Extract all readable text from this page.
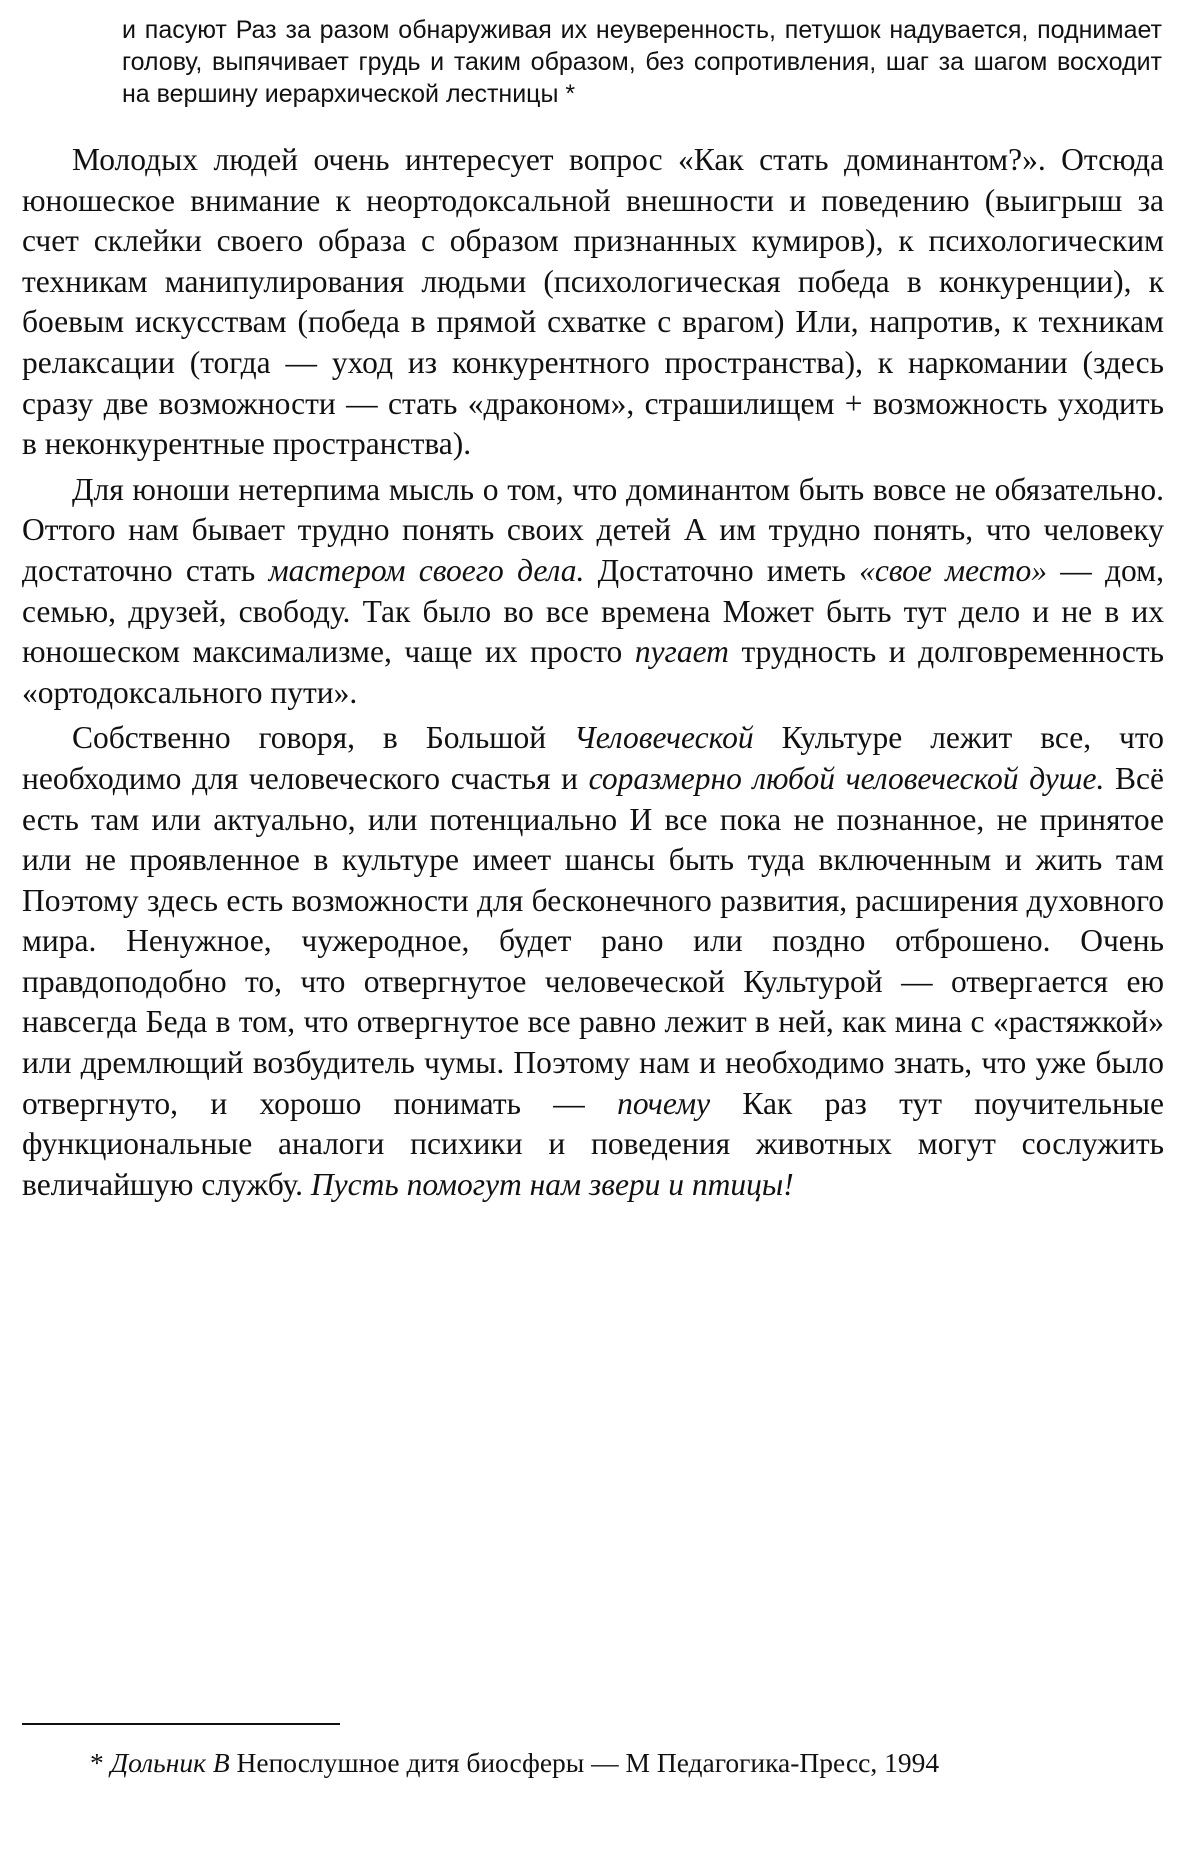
и пасуют Раз за разом обнаруживая их неуверенность, петушок надувается, поднимает голову, выпячивает грудь и таким образом, без сопротивления, шаг за шагом восходит на вершину иерархической лестницы *

Молодых людей очень интересует вопрос «Как стать доминантом?». Отсюда юношеское внимание к неортодоксальной внешности и поведению (выигрыш за счет склейки своего образа с образом признанных кумиров), к психологическим техникам манипулирования людьми (психологическая победа в конкуренции), к боевым искусствам (победа в прямой схватке с врагом) Или, напротив, к техникам релаксации (тогда — уход из конкурентного пространства), к наркомании (здесь сразу две возможности — стать «драконом», страшилищем + возможность уходить в неконкурентные пространства).

Для юноши нетерпима мысль о том, что доминантом быть вовсе не обязательно. Оттого нам бывает трудно понять своих детей А им трудно понять, что человеку достаточно стать мастером своего дела. Достаточно иметь «свое место» — дом, семью, друзей, свободу. Так было во все времена Может быть тут дело и не в их юношеском максимализме, чаще их просто пугает трудность и долговременность «ортодоксального пути».

Собственно говоря, в Большой Человеческой Культуре лежит все, что необходимо для человеческого счастья и соразмерно любой человеческой душе. Всё есть там или актуально, или потенциально И все пока не познанное, не принятое или не проявленное в культуре имеет шансы быть туда включенным и жить там Поэтому здесь есть возможности для бесконечного развития, расширения духовного мира. Ненужное, чужеродное, будет рано или поздно отброшено. Очень правдоподобно то, что отвергнутое человеческой Культурой — отвергается ею навсегда Беда в том, что отвергнутое все равно лежит в ней, как мина с «растяжкой» или дремлющий возбудитель чумы. Поэтому нам и необходимо знать, что уже было отвергнуто, и хорошо понимать — почему Как раз тут поучительные функциональные аналоги психики и поведения животных могут сослужить величайшую службу. Пусть помогут нам звери и птицы!

* Дольник В Непослушное дитя биосферы — М Педагогика-Пресс, 1994
